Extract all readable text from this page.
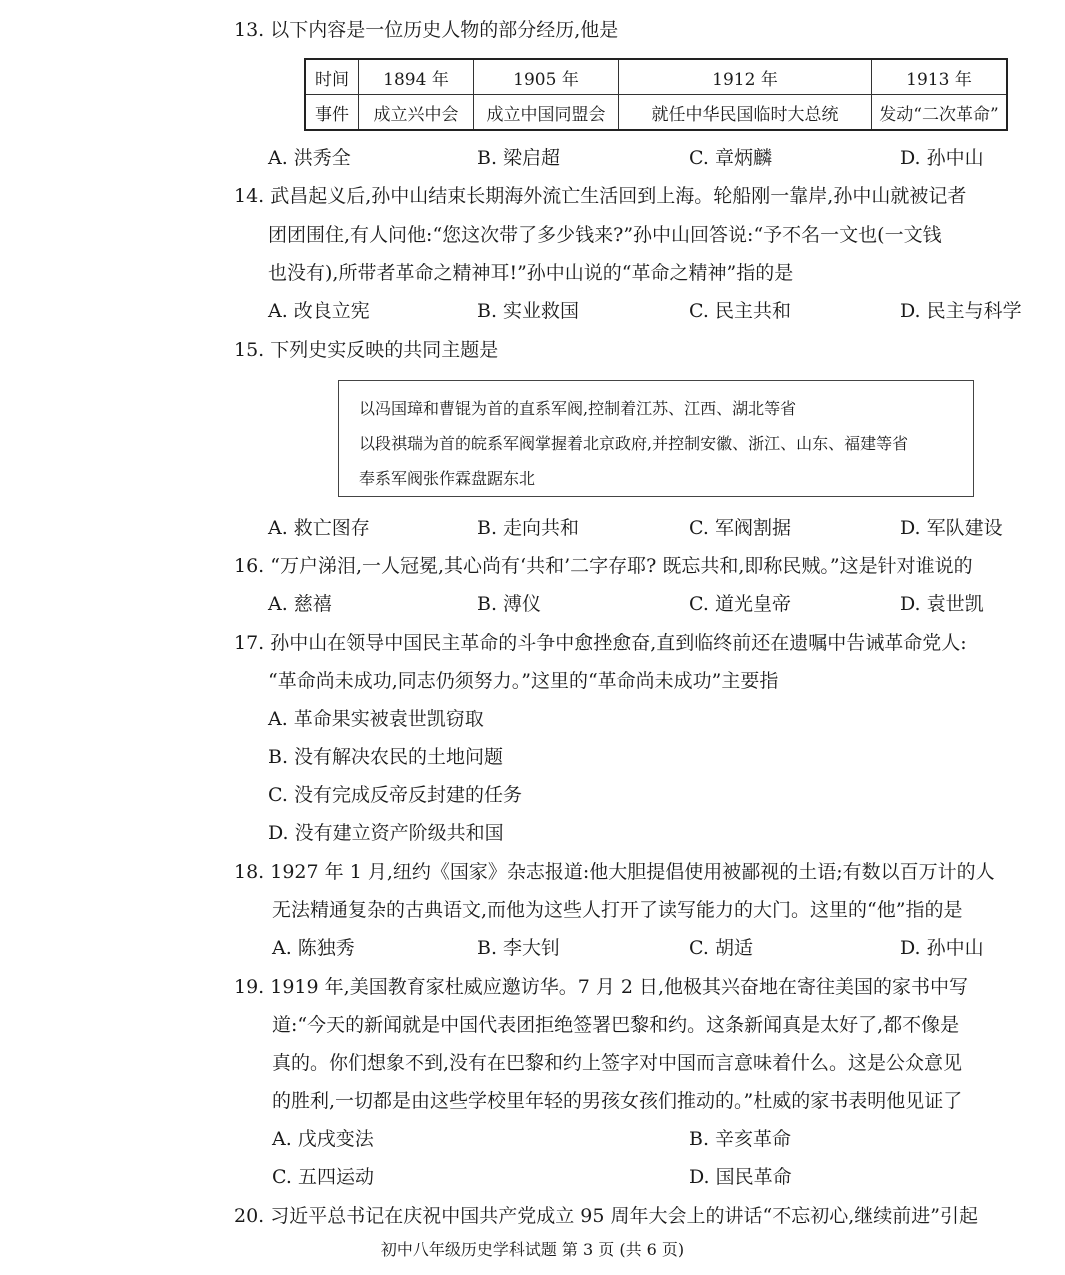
13. 以下内容是一位历史人物的部分经历,他是
时间	1894 年	1905 年	1912 年	1913 年
事件	成立兴中会	成立中国同盟会	就任中华民国临时大总统	发动“二次革命”
A. 洪秀全	B. 梁启超	C. 章炳麟	D. 孙中山
14. 武昌起义后,孙中山结束长期海外流亡生活回到上海。轮船刚一靠岸,孙中山就被记者
团团围住,有人问他:“您这次带了多少钱来?”孙中山回答说:“予不名一文也(一文钱
也没有),所带者革命之精神耳!”孙中山说的“革命之精神”指的是
A. 改良立宪	B. 实业救国	C. 民主共和	D. 民主与科学
15. 下列史实反映的共同主题是
以冯国璋和曹锟为首的直系军阀,控制着江苏、江西、湖北等省
以段祺瑞为首的皖系军阀掌握着北京政府,并控制安徽、浙江、山东、福建等省
奉系军阀张作霖盘踞东北
A. 救亡图存	B. 走向共和	C. 军阀割据	D. 军队建设
16. “万户涕泪,一人冠冕,其心尚有‘共和’二字存耶? 既忘共和,即称民贼。”这是针对谁说的
A. 慈禧	B. 溥仪	C. 道光皇帝	D. 袁世凯
17. 孙中山在领导中国民主革命的斗争中愈挫愈奋,直到临终前还在遗嘱中告诫革命党人:
“革命尚未成功,同志仍须努力。”这里的“革命尚未成功”主要指
A. 革命果实被袁世凯窃取
B. 没有解决农民的土地问题
C. 没有完成反帝反封建的任务
D. 没有建立资产阶级共和国
18. 1927 年 1 月,纽约《国家》杂志报道:他大胆提倡使用被鄙视的土语;有数以百万计的人
无法精通复杂的古典语文,而他为这些人打开了读写能力的大门。这里的“他”指的是
A. 陈独秀	B. 李大钊	C. 胡适	D. 孙中山
19. 1919 年,美国教育家杜威应邀访华。7 月 2 日,他极其兴奋地在寄往美国的家书中写
道:“今天的新闻就是中国代表团拒绝签署巴黎和约。这条新闻真是太好了,都不像是
真的。你们想象不到,没有在巴黎和约上签字对中国而言意味着什么。这是公众意见
的胜利,一切都是由这些学校里年轻的男孩女孩们推动的。”杜威的家书表明他见证了
A. 戊戌变法	B. 辛亥革命
C. 五四运动	D. 国民革命
20. 习近平总书记在庆祝中国共产党成立 95 周年大会上的讲话“不忘初心,继续前进”引起
初中八年级历史学科试题 第 3 页 (共 6 页)
